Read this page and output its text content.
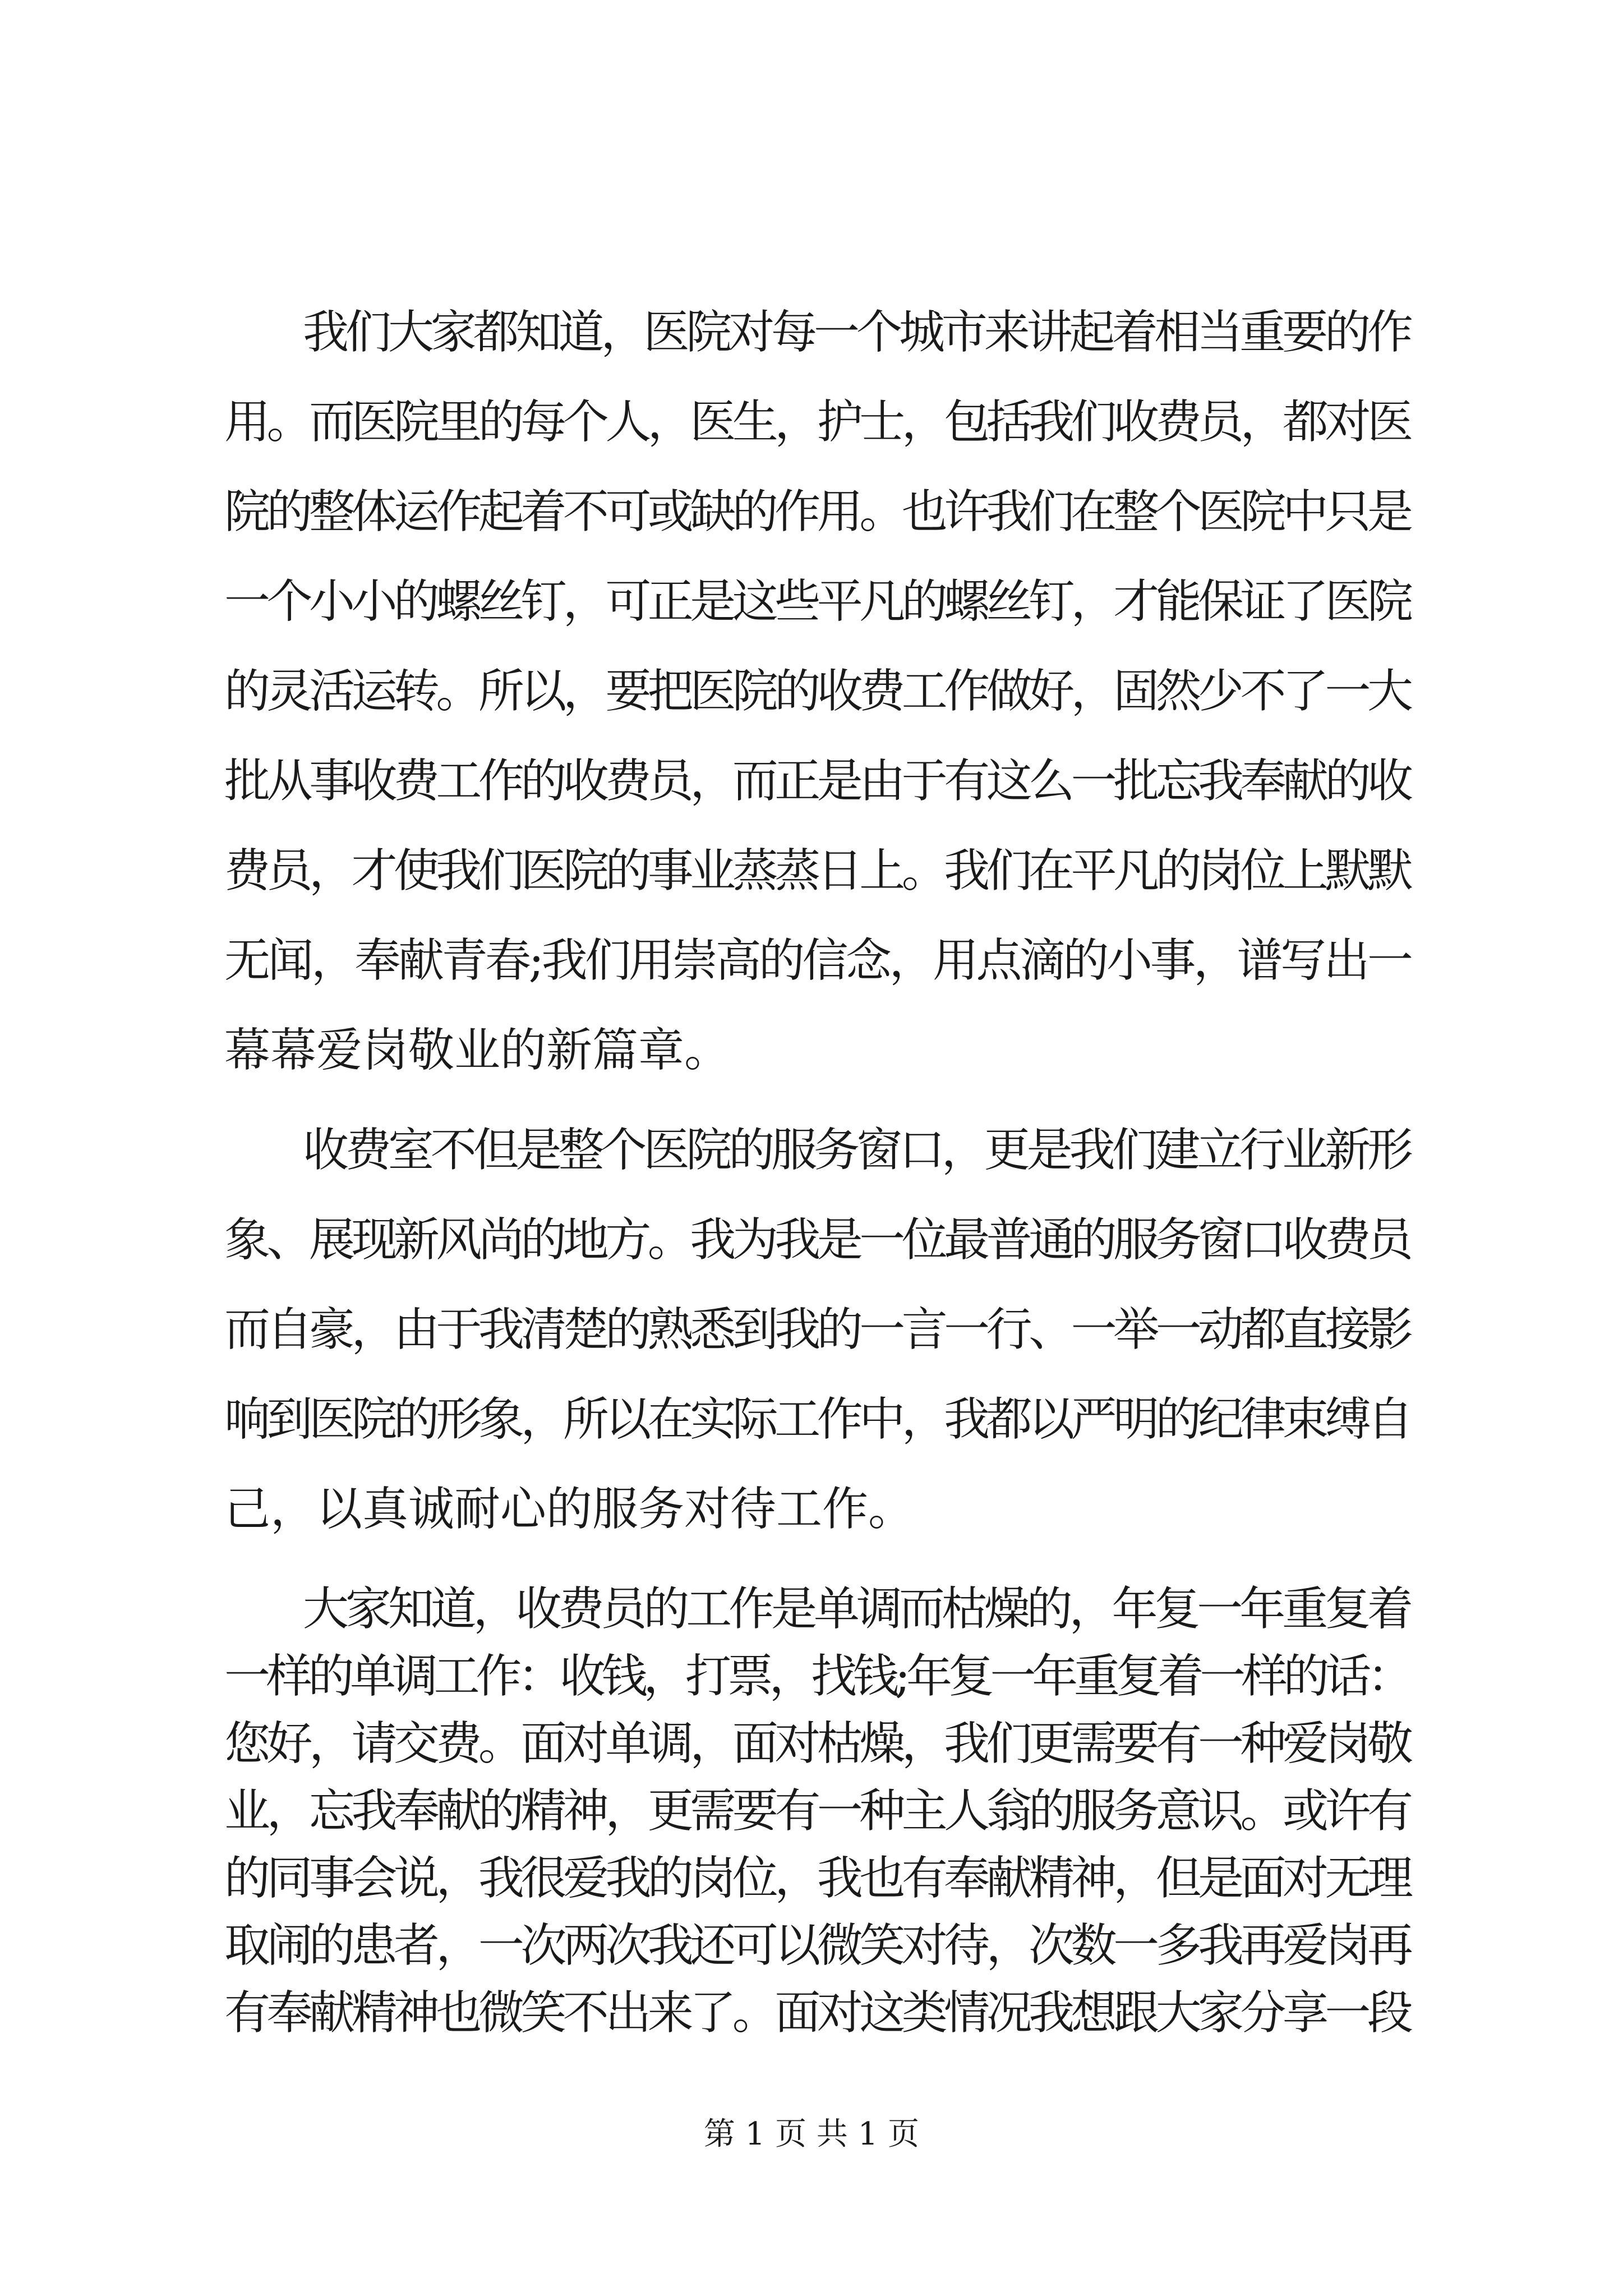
我们大家都知道，医院对每一个城市来讲起着相当重要的作
用。而医院里的每个人，医生，护士，包括我们收费员，都对医
院的整体运作起着不可或缺的作用。也许我们在整个医院中只是
一个小小的螺丝钉，可正是这些平凡的螺丝钉，才能保证了医院
的灵活运转。所以，要把医院的收费工作做好，固然少不了一大
批从事收费工作的收费员，而正是由于有这么一批忘我奉献的收
费员，才使我们医院的事业蒸蒸日上。我们在平凡的岗位上默默
无闻，奉献青春;我们用崇高的信念，用点滴的小事，谱写出一
幕幕爱岗敬业的新篇章。
收费室不但是整个医院的服务窗口，更是我们建立行业新形
象、展现新风尚的地方。我为我是一位最普通的服务窗口收费员
而自豪，由于我清楚的熟悉到我的一言一行、一举一动都直接影
响到医院的形象，所以在实际工作中，我都以严明的纪律束缚自
己，以真诚耐心的服务对待工作。
大家知道，收费员的工作是单调而枯燥的，年复一年重复着
一样的单调工作：收钱，打票，找钱;年复一年重复着一样的话：
您好，请交费。面对单调，面对枯燥，我们更需要有一种爱岗敬
业，忘我奉献的精神，更需要有一种主人翁的服务意识。或许有
的同事会说，我很爱我的岗位，我也有奉献精神，但是面对无理
取闹的患者，一次两次我还可以微笑对待，次数一多我再爱岗再
有奉献精神也微笑不出来了。面对这类情况我想跟大家分享一段
第 1 页 共 1 页
